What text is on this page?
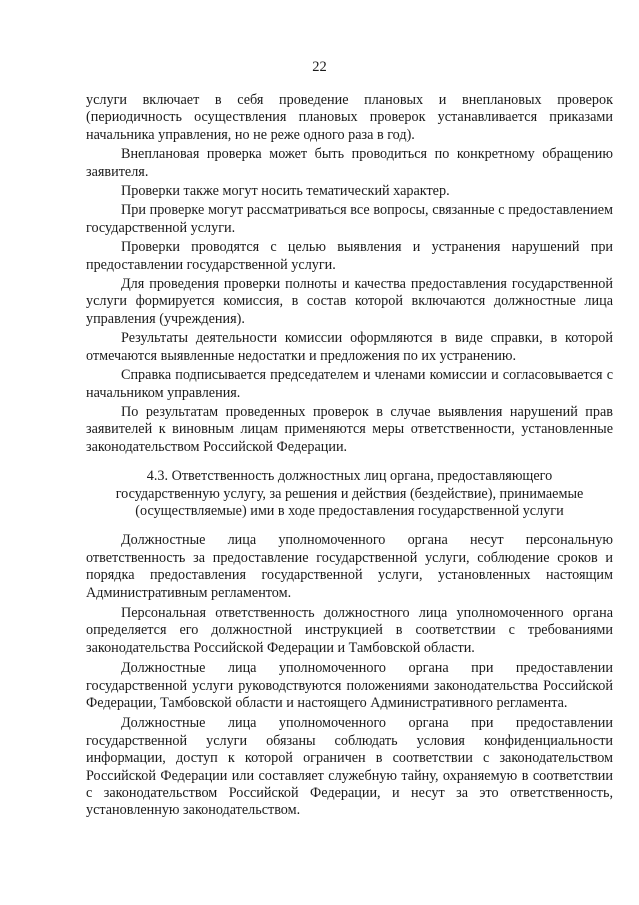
22

услуги включает в себя проведение плановых и внеплановых проверок (периодичность осуществления плановых проверок устанавливается приказами начальника управления, но не реже одного раза в год).

Внеплановая проверка может быть проводиться по конкретному обращению заявителя.

Проверки также могут носить тематический характер.

При проверке могут рассматриваться все вопросы, связанные с предоставлением государственной услуги.

Проверки проводятся с целью выявления и устранения нарушений при предоставлении государственной услуги.

Для проведения проверки полноты и качества предоставления государственной услуги формируется комиссия, в состав которой включаются должностные лица управления (учреждения).

Результаты деятельности комиссии оформляются в виде справки, в которой отмечаются выявленные недостатки и предложения по их устранению.

Справка подписывается председателем и членами комиссии и согласовывается с начальником управления.

По результатам проведенных проверок в случае выявления нарушений прав заявителей к виновным лицам применяются меры ответственности, установленные законодательством Российской Федерации.

4.3. Ответственность должностных лиц органа, предоставляющего
государственную услугу, за решения и действия (бездействие), принимаемые
(осуществляемые) ими в ходе предоставления государственной услуги

Должностные лица уполномоченного органа несут персональную ответственность за предоставление государственной услуги, соблюдение сроков и порядка предоставления государственной услуги, установленных настоящим Административным регламентом.

Персональная ответственность должностного лица уполномоченного органа определяется его должностной инструкцией в соответствии с требованиями законодательства Российской Федерации и Тамбовской области.

Должностные лица уполномоченного органа при предоставлении государственной услуги руководствуются положениями законодательства Российской Федерации, Тамбовской области и настоящего Административного регламента.

Должностные лица уполномоченного органа при предоставлении государственной услуги обязаны соблюдать условия конфиденциальности информации, доступ к которой ограничен в соответствии с законодательством Российской Федерации или составляет служебную тайну, охраняемую в соответствии с законодательством Российской Федерации, и несут за это ответственность, установленную законодательством.
